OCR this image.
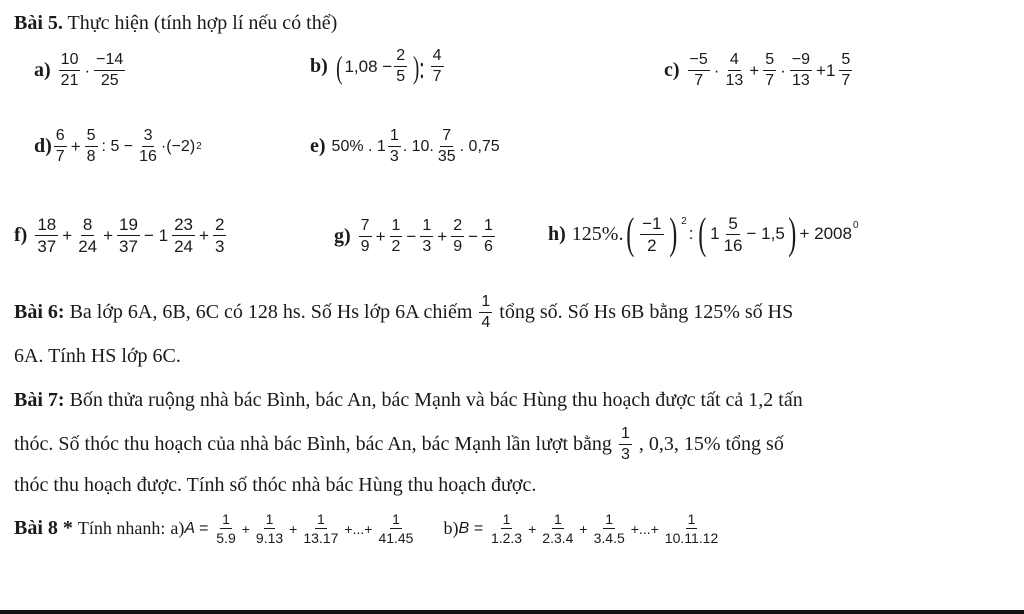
Bài 5. Thực hiện (tính hợp lí nếu có thể)
$a) \frac{10}{21} \cdot \frac{-14}{25}$	b) ( $1,08 - \frac{2}{5}$ ): $\frac{4}{7}$	$c) \frac{-5}{7} \cdot \frac{4}{13} + \frac{5}{7} \cdot \frac{-9}{13} +1 \frac{5}{7}$
$d) \frac{6}{7} + \frac{5}{8}$ : $5 - \frac{3}{16} \cdot(-2)$ 2	e) 50% . $1 \frac{1}{3}$ . 10. $\frac{7}{35}$ . 0,75
$f) \frac{18}{37} + \frac{8}{24} + \frac{19}{37} - 1 \frac{23}{24} + \frac{2}{3}$	$g) \frac{7}{9} + \frac{1}{2} - \frac{1}{3} + \frac{2}{9} - \frac{1}{6}$	h) 125%. ( $\frac{-1}{2}$ ) 2
: ( $1 \frac{5}{16} - 1,5$ ) + 2008 0
Bài 6:
Ba lớp 6A, 6B, 6C có 128 hs. Số Hs lớp 6A chiếm
$\frac{1}{4}$
tổng số. Số Hs 6B bằng 125% số HS
6A. Tính HS lớp 6C.
Bài 7: Bốn thửa ruộng nhà bác Bình, bác An, bác Mạnh và bác Hùng thu hoạch được tất cả 1,2 tấn
thóc. Số thóc thu hoạch của nhà bác Bình, bác An, bác Mạnh lần lượt bằng
$\frac{1}{3}$
, 0,3, 15% tổng số
thóc thu hoạch được. Tính số thóc nhà bác Hùng thu hoạch được.
Bài 8 *
Tính nhanh:
a) $A = \frac{1}{5.9} + \frac{1}{9.13} + \frac{1}{13.17}$ +...+ $\frac{1}{41.45} b$) $B = \frac{1}{1.2.3} + \frac{1}{2.3.4} + \frac{1}{3.4.5}$ +...+ $\frac{1}{10.11.12}$
